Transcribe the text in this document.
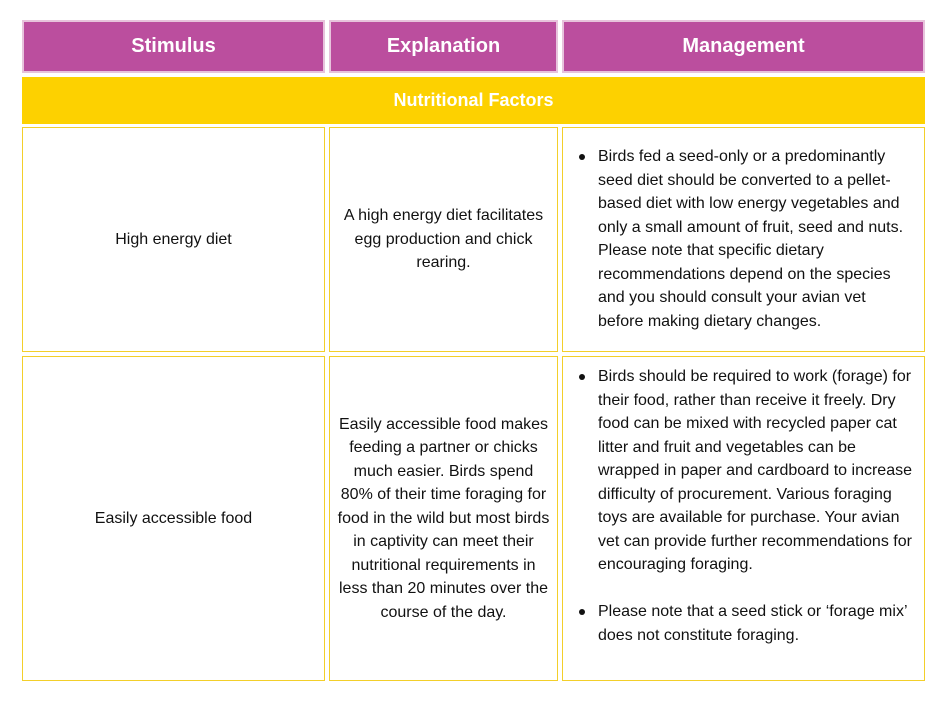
Stimulus	Explanation	Management
Nutritional Factors
High energy diet
A high energy diet facilitates egg production and chick rearing.
Birds fed a seed-only or a predominantly seed diet should be converted to a pellet-based diet with low energy vegetables and only a small amount of fruit, seed and nuts. Please note that specific dietary recommendations depend on the species and you should consult your avian vet before making dietary changes.
Easily accessible food
Easily accessible food makes feeding a partner or chicks much easier. Birds spend 80% of their time foraging for food in the wild but most birds in captivity can meet their nutritional requirements in less than 20 minutes over the course of the day.
Birds should be required to work (forage) for their food, rather than receive it freely. Dry food can be mixed with recycled paper cat litter and fruit and vegetables can be wrapped in paper and cardboard to increase difficulty of procurement. Various foraging toys are available for purchase. Your avian vet can provide further recommendations for encouraging foraging.
Please note that a seed stick or ‘forage mix’ does not constitute foraging.
